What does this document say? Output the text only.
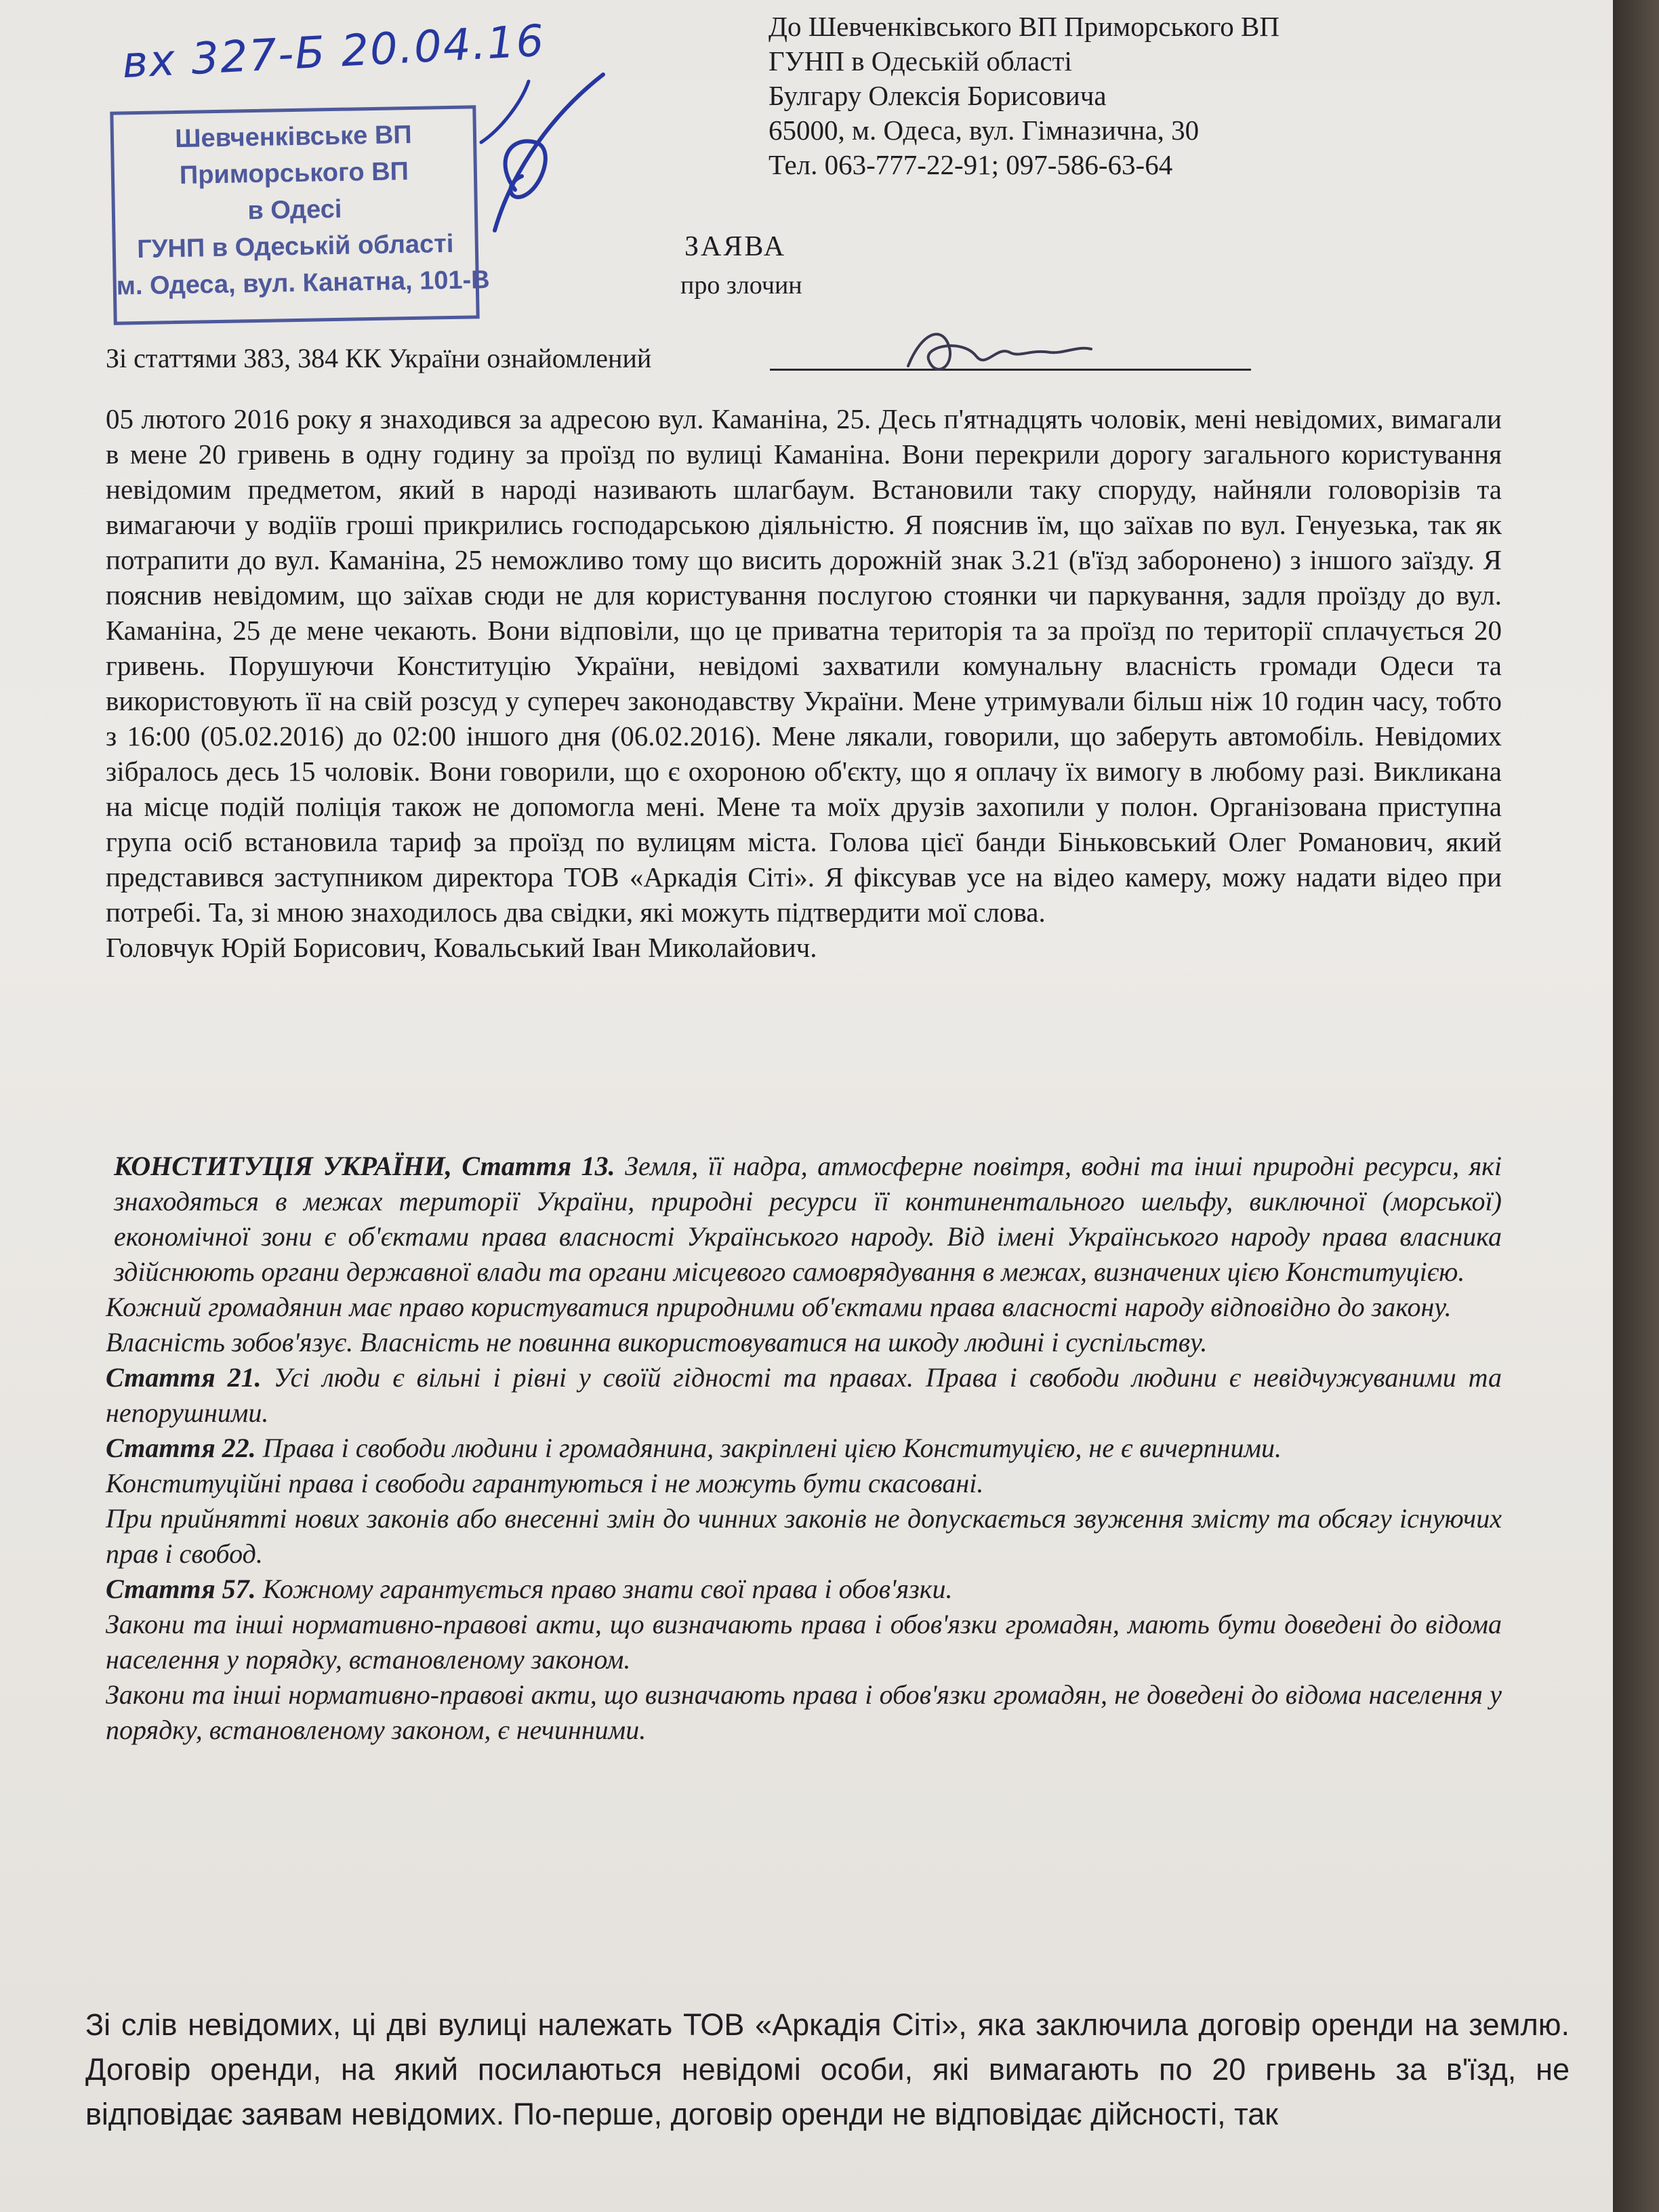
вх 327-Б 20.04.16
Шевченківське ВП
Приморського ВП
в Одесі
ГУНП в Одеській області
м. Одеса, вул. Канатна, 101-В
До Шевченківського ВП Приморського ВП
ГУНП в Одеській області
Булгару Олексія Борисовича
65000, м. Одеса, вул. Гімназична, 30
Тел. 063-777-22-91; 097-586-63-64
ЗАЯВА
про злочин
Зі статтями 383, 384 КК України ознайомлений

05 лютого 2016 року я знаходився за адресою вул. Каманіна, 25. Десь п'ятнадцять чоловік, мені невідомих, вимагали в мене 20 гривень в одну годину за проїзд по вулиці Каманіна. Вони перекрили дорогу загального користування невідомим предметом, який в народі називають шлагбаум. Встановили таку споруду, найняли головорізів та вимагаючи у водіїв гроші прикрились господарською діяльністю. Я пояснив їм, що заїхав по вул. Генуезька, так як потрапити до вул. Каманіна, 25 неможливо тому що висить дорожній знак 3.21 (в'їзд заборонено) з іншого заїзду. Я пояснив невідомим, що заїхав сюди не для користування послугою стоянки чи паркування, задля проїзду до вул. Каманіна, 25 де мене чекають. Вони відповіли, що це приватна територія та за проїзд по території сплачується 20 гривень. Порушуючи Конституцію України, невідомі захватили комунальну власність громади Одеси та використовують її на свій розсуд у супереч законодавству України. Мене утримували більш ніж 10 годин часу, тобто з 16:00 (05.02.2016) до 02:00 іншого дня (06.02.2016). Мене лякали, говорили, що заберуть автомобіль. Невідомих зібралось десь 15 чоловік. Вони говорили, що є охороною об'єкту, що я оплачу їх вимогу в любому разі. Викликана на місце подій поліція також не допомогла мені. Мене та моїх друзів захопили у полон. Організована приступна група осіб встановила тариф за проїзд по вулицям міста. Голова цієї банди Біньковський Олег Романович, який представився заступником директора ТОВ «Аркадія Сіті». Я фіксував усе на відео камеру, можу надати відео при потребі. Та, зі мною знаходилось два свідки, які можуть підтвердити мої слова.

Головчук Юрій Борисович, Ковальський Іван Миколайович.

КОНСТИТУЦІЯ УКРАЇНИ, Стаття 13. Земля, її надра, атмосферне повітря, водні та інші природні ресурси, які знаходяться в межах території України, природні ресурси її континентального шельфу, виключної (морської) економічної зони є об'єктами права власності Українського народу. Від імені Українського народу права власника здійснюють органи державної влади та органи місцевого самоврядування в межах, визначених цією Конституцією.

Кожний громадянин має право користуватися природними об'єктами права власності народу відповідно до закону.

Власність зобов'язує. Власність не повинна використовуватися на шкоду людині і суспільству.

Стаття 21. Усі люди є вільні і рівні у своїй гідності та правах. Права і свободи людини є невідчужуваними та непорушними.

Стаття 22. Права і свободи людини і громадянина, закріплені цією Конституцією, не є вичерпними.

Конституційні права і свободи гарантуються і не можуть бути скасовані.

При прийнятті нових законів або внесенні змін до чинних законів не допускається звуження змісту та обсягу існуючих прав і свобод.

Стаття 57. Кожному гарантується право знати свої права і обов'язки.

Закони та інші нормативно-правові акти, що визначають права і обов'язки громадян, мають бути доведені до відома населення у порядку, встановленому законом.

Закони та інші нормативно-правові акти, що визначають права і обов'язки громадян, не доведені до відома населення у порядку, встановленому законом, є нечинними.

Зі слів невідомих, ці дві вулиці належать ТОВ «Аркадія Сіті», яка заключила договір оренди на землю. Договір оренди, на який посилаються невідомі особи, які вимагають по 20 гривень за в'їзд, не відповідає заявам невідомих. По-перше, договір оренди не відповідає дійсності, так
